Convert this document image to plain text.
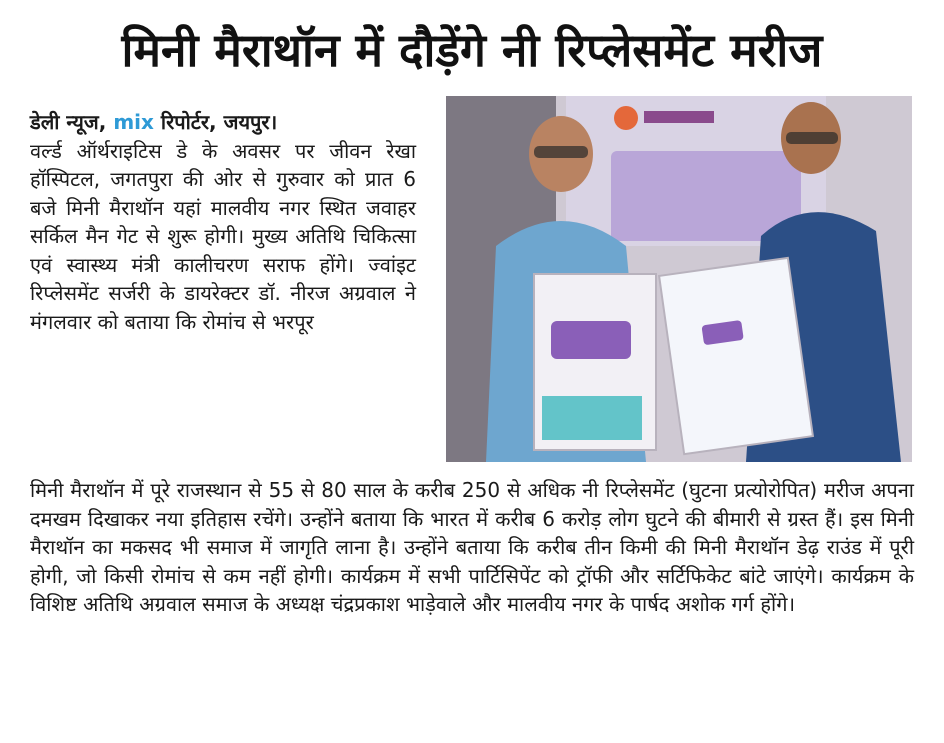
मिनी मैराथॉन में दौड़ेंगे नी रिप्लेसमेंट मरीज
डेली न्यूज, mix रिपोर्टर, जयपुर।
वर्ल्ड ऑर्थराइटिस डे के अवसर पर जीवन रेखा हॉस्पिटल, जगतपुरा की ओर से गुरुवार को प्रात 6 बजे मिनी मैराथॉन यहां मालवीय नगर स्थित जवाहर सर्किल मैन गेट से शुरू होगी। मुख्य अतिथि चिकित्सा एवं स्वास्थ्य मंत्री कालीचरण सराफ होंगे। ज्वांइट रिप्लेसमेंट सर्जरी के डायरेक्टर डॉ. नीरज अग्रवाल ने मंगलवार को बताया कि रोमांच से भरपूर
मिनी मैराथॉन में पूरे राजस्थान से 55 से 80 साल के करीब 250 से अधिक नी रिप्लेसमेंट (घुटना प्रत्योरोपित) मरीज अपना दमखम दिखाकर नया इतिहास रचेंगे। उन्होंने बताया कि भारत में करीब 6 करोड़ लोग घुटने की बीमारी से ग्रस्त हैं। इस मिनी मैराथॉन का मकसद भी समाज में जागृति लाना है। उन्होंने बताया कि करीब तीन किमी की मिनी मैराथॉन डेढ़ राउंड में पूरी होगी, जो किसी रोमांच से कम नहीं होगी। कार्यक्रम में सभी पार्टिसिपेंट को ट्रॉफी और सर्टिफिकेट बांटे जाएंगे। कार्यक्रम के विशिष्ट अतिथि अग्रवाल समाज के अध्यक्ष चंद्रप्रकाश भाड़ेवाले और मालवीय नगर के पार्षद अशोक गर्ग होंगे।
